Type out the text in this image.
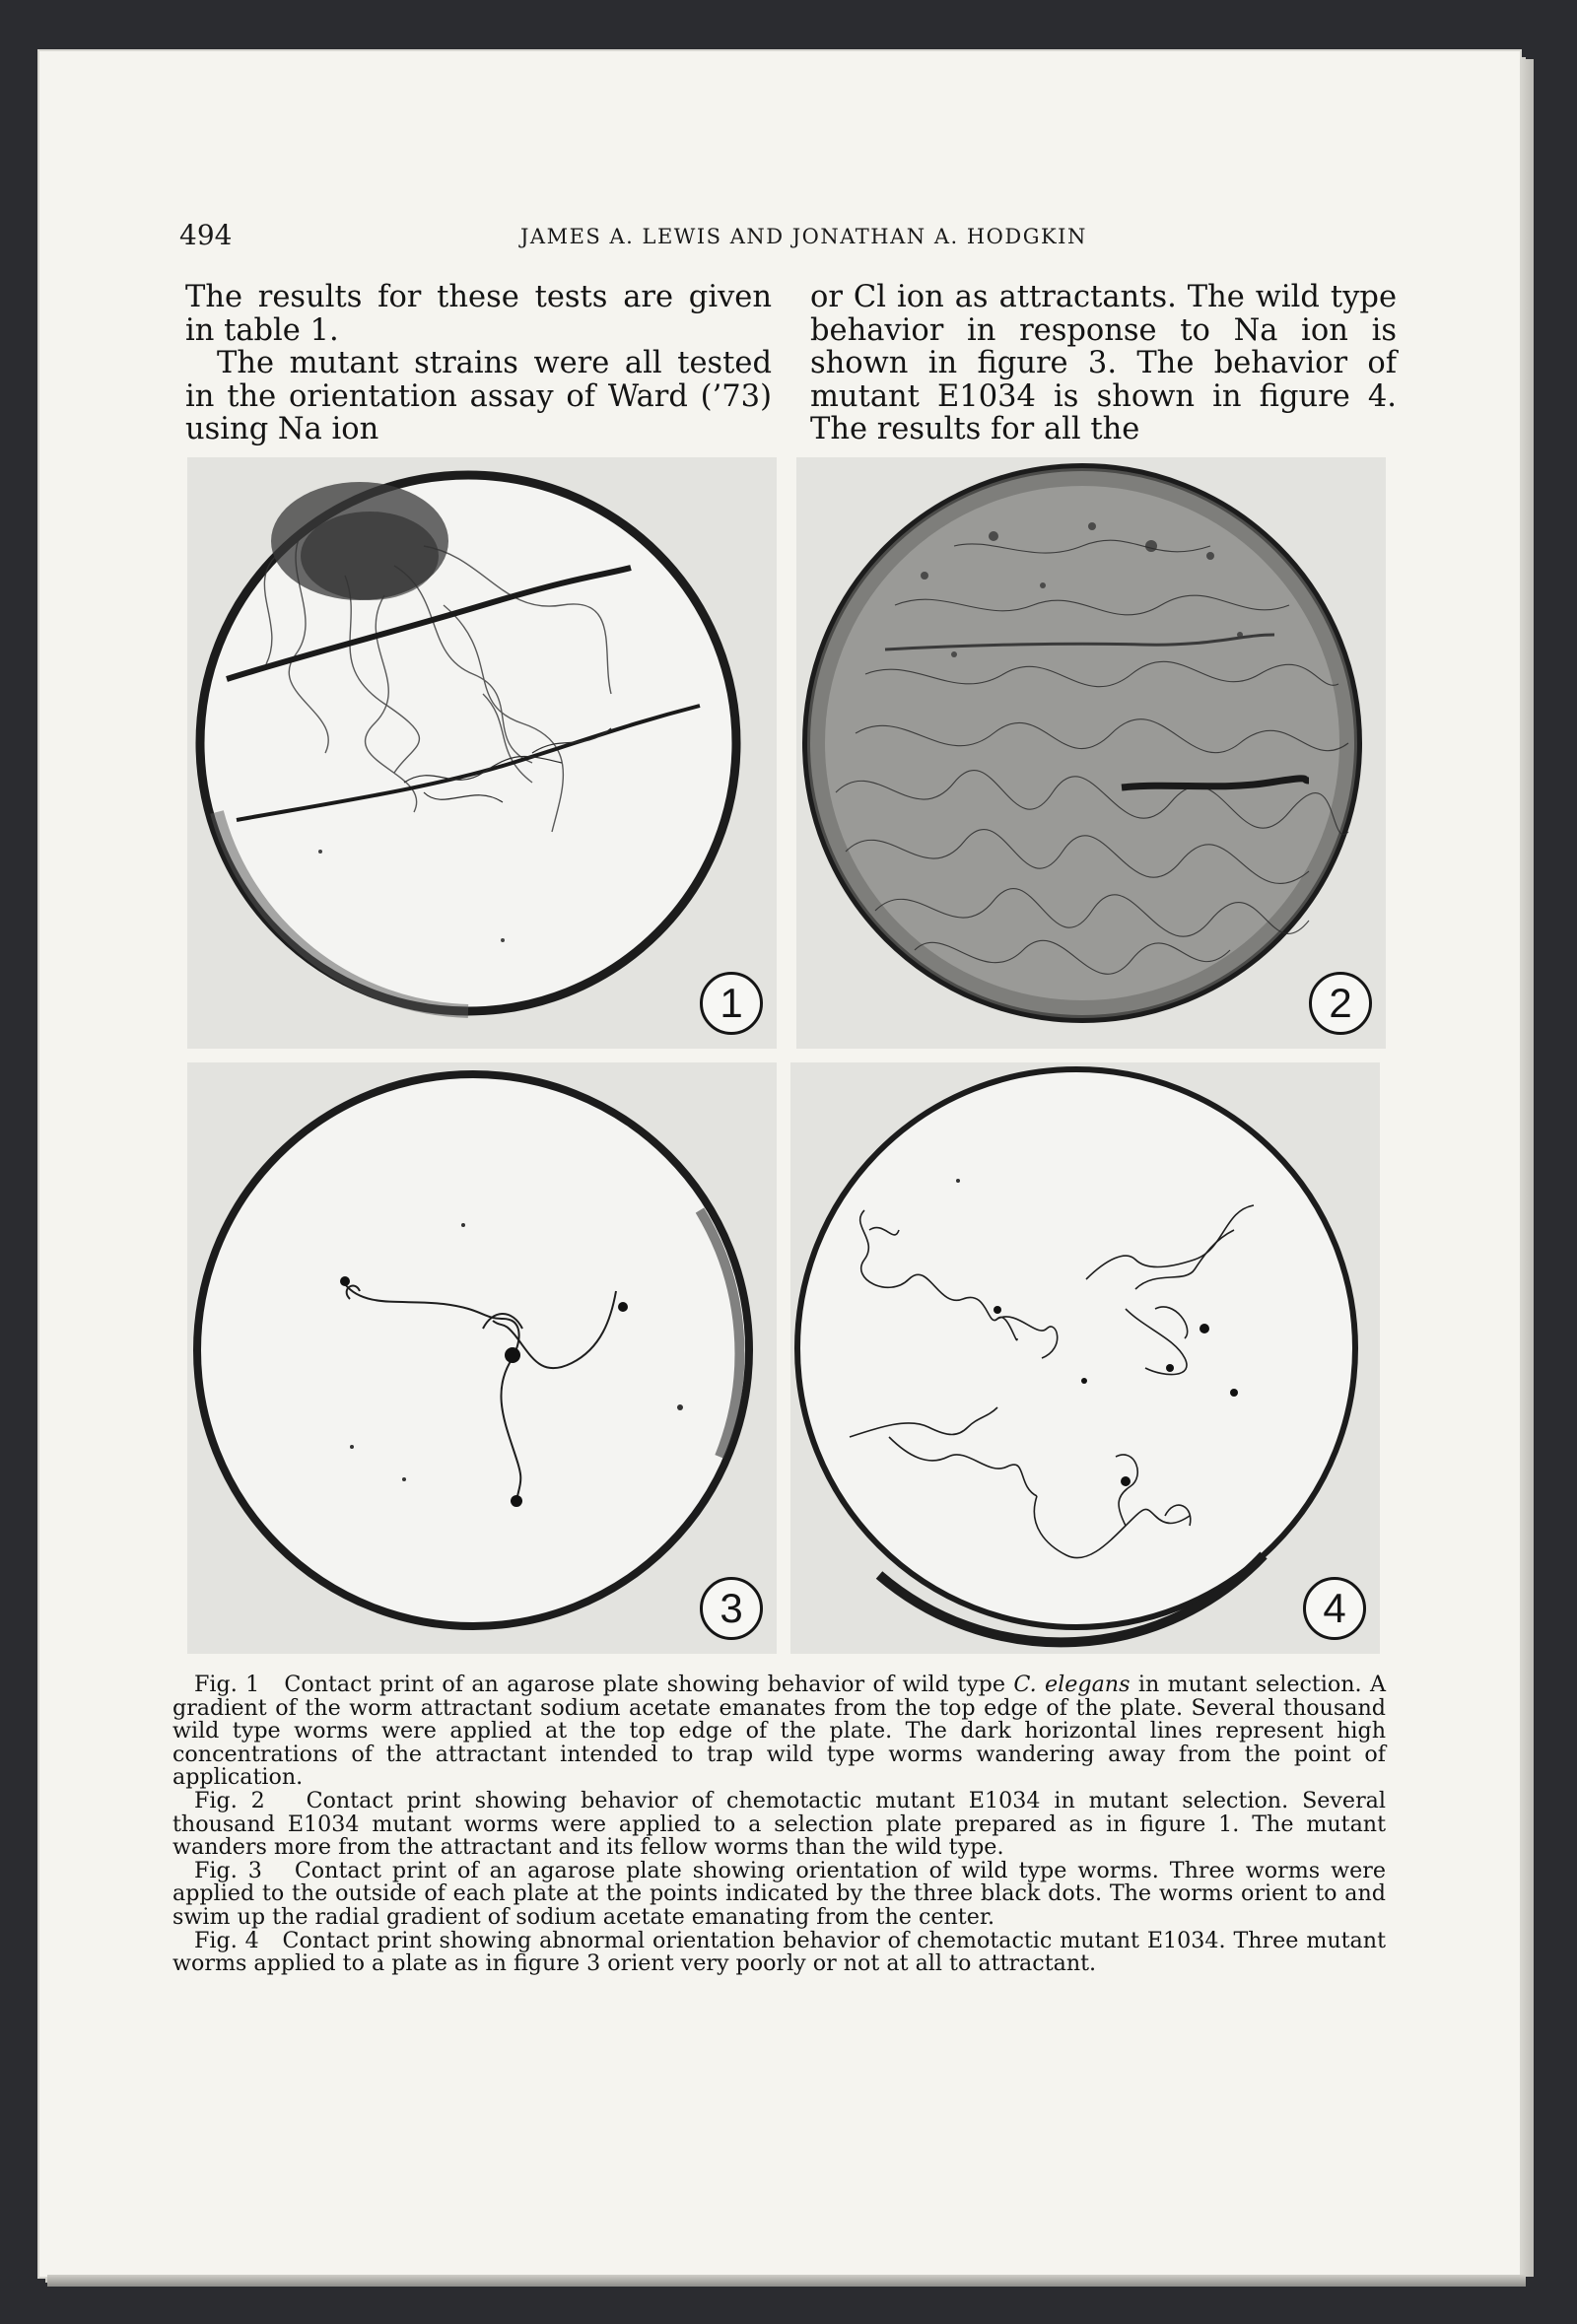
494	JAMES A. LEWIS AND JONATHAN A. HODGKIN

The results for these tests are given in table 1.

The mutant strains were all tested in the orientation assay of Ward (’73) using Na ion

or Cl ion as attractants. The wild type behavior in response to Na ion is shown in figure 3. The behavior of mutant E1034 is shown in figure 4. The results for all the

1	2
3	4

Fig. 1 Contact print of an agarose plate showing behavior of wild type C. elegans in mutant selection. A gradient of the worm attractant sodium acetate emanates from the top edge of the plate. Several thousand wild type worms were applied at the top edge of the plate. The dark horizontal lines represent high concentrations of the attractant intended to trap wild type worms wandering away from the point of application.

Fig. 2 Contact print showing behavior of chemotactic mutant E1034 in mutant selection. Several thousand E1034 mutant worms were applied to a selection plate prepared as in figure 1. The mutant wanders more from the attractant and its fellow worms than the wild type.

Fig. 3 Contact print of an agarose plate showing orientation of wild type worms. Three worms were applied to the outside of each plate at the points indicated by the three black dots. The worms orient to and swim up the radial gradient of sodium acetate emanating from the center.

Fig. 4 Contact print showing abnormal orientation behavior of chemotactic mutant E1034. Three mutant worms applied to a plate as in figure 3 orient very poorly or not at all to attractant.
